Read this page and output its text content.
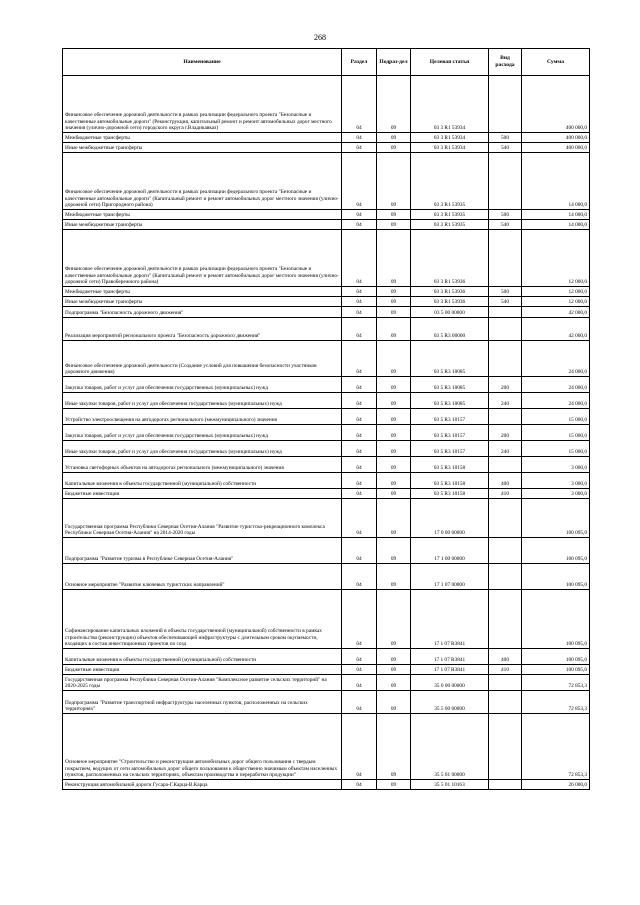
268
Наименование	Раздел	Подраз-дел	Целевая статья	Вид расхода	Сумма
Финансовое обеспечение дорожной деятельности в рамках реализации федерального проекта "Безопасные и качественные автомобильные дороги" (Реконструкция, капитальный ремонт и ремонт автомобильных дорог местного значения (улично-дорожной сети) городского округа г.Владикавказ)	04	09	03 3 R1 53934		400 000,0
Межбюджетные трансферты	04	09	03 3 R1 53934	500	400 000,0
Иные межбюджетные трансферты	04	09	03 3 R1 53934	540	400 000,0
Финансовое обеспечение дорожной деятельности в рамках реализации федерального проекта "Безопасные и качественные автомобильные дороги" (Капитальный ремонт и ремонт автомобильных дорог местного значения (улично-дорожной сети) Пригородного района)	04	09	03 3 R1 53935		14 000,0
Межбюджетные трансферты	04	09	03 3 R1 53935	500	14 000,0
Иные межбюджетные трансферты	04	09	03 3 R1 53935	540	14 000,0
Финансовое обеспечение дорожной деятельности в рамках реализации федерального проекта "Безопасные и качественные автомобильные дороги" (Капитальный ремонт и ремонт автомобильных дорог местного значения (улично-дорожной сети) Правобережного района)	04	09	03 3 R1 53936		12 000,0
Межбюджетные трансферты	04	09	03 3 R1 53936	500	12 000,0
Иные межбюджетные трансферты	04	09	03 3 R1 53936	540	12 000,0
Подпрограмма "Безопасность дорожного движения"	04	09	03 5 00 00000		42 000,0
Реализация мероприятий регионального проекта "Безопасность дорожного движения"	04	09	03 5 R3 00000		42 000,0
Финансовое обеспечение дорожной деятельности (Создание условий для повышения безопасности участников дорожного движения)	04	09	03 5 R3 10085		24 000,0
Закупка товаров, работ и услуг для обеспечения государственных (муниципальных) нужд	04	09	03 5 R3 10085	200	24 000,0
Иные закупки товаров, работ и услуг для обеспечения государственных (муниципальных) нужд	04	09	03 5 R3 10085	240	24 000,0
Устройство электроосвещения на автодорогах регионального (межмуниципального) значения	04	09	03 5 R3 10157		15 000,0
Закупка товаров, работ и услуг для обеспечения государственных (муниципальных) нужд	04	09	03 5 R3 10157	200	15 000,0
Иные закупки товаров, работ и услуг для обеспечения государственных (муниципальных) нужд	04	09	03 5 R3 10157	240	15 000,0
Установка светофорных объектов на автодорогах регионального (межмуниципального) значения	04	09	03 5 R3 10158		3 000,0
Капитальные вложения в объекты государственной (муниципальной) собственности	04	09	03 5 R3 10158	400	3 000,0
Бюджетные инвестиции	04	09	03 5 R3 10158	410	3 000,0
Государственная программа Республики Северная Осетия-Алания "Развитие туристско-рекреационного комплекса Республики Северная Осетия-Алания" на 2014-2020 годы	04	09	17 0 00 00000		100 095,0
Подпрограмма "Развитие туризма в Республике Северная Осетия-Алания"	04	09	17 1 00 00000		100 095,0
Основное мероприятие "Развитие ключевых туристских направлений"	04	09	17 1 07 00000		100 095,0
Софинансирование капитальных вложений в объекты государственной (муниципальной) собственности в рамках строительства (реконструкции) объектов обеспечивающей инфраструктуры с длительным сроком окупаемости, входящих в состав инвестиционных проектов по созд	04	09	17 1 07 R3841		100 095,0
Капитальные вложения в объекты государственной (муниципальной) собственности	04	09	17 1 07 R3841	400	100 095,0
Бюджетные инвестиции	04	09	17 1 07 R3841	410	100 095,0
Государственная программа Республики Северная Осетия-Алания "Комплексное развитие сельских территорий" на 2020-2025 годы	04	09	35 0 00 00000		72 853,3
Подпрограмма "Развитие транспортной инфраструктуры населенных пунктов, расположенных на сельских территориях"	04	09	35 5 00 00000		72 853,3
Основное мероприятие "Строительство и реконструкция автомобильных дорог общего пользования с твердым покрытием, ведущих от сети автомобильных дорог общего пользования к общественно значимым объектам населенных пунктов, расположенных на сельских территориях, объектам производства и переработки продукции"	04	09	35 5 01 00000		72 853,3
Реконструкция автомобильной дороги Гусара-Г.Карца-В.Карца	04	09	35 5 01 10163		26 000,0
